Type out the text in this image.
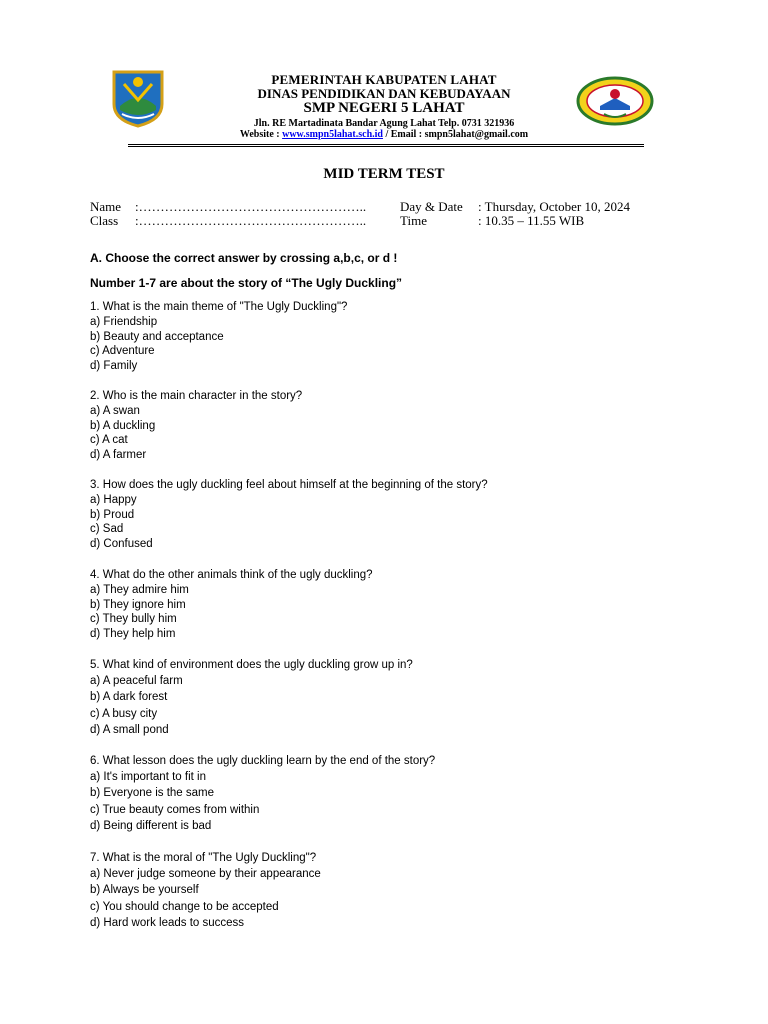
PEMERINTAH KABUPATEN LAHAT
DINAS PENDIDIKAN DAN KEBUDAYAAN
SMP NEGERI 5 LAHAT
Jln. RE Martadinata Bandar Agung Lahat Telp. 0731 321936
Website : www.smpn5lahat.sch.id / Email : smpn5lahat@gmail.com
MID TERM TEST
Name :……………………………………………..
Class :……………………………………………..
Day & Date : Thursday, October 10, 2024
Time	: 10.35 – 11.55 WIB
A. Choose the correct answer by crossing a,b,c, or d !
Number 1-7 are about the story of “The Ugly Duckling”
1. What is the main theme of "The Ugly Duckling"?
a) Friendship
b) Beauty and acceptance
c) Adventure
d) Family
2. Who is the main character in the story?
a) A swan
b) A duckling
c) A cat
d) A farmer
3. How does the ugly duckling feel about himself at the beginning of the story?
a) Happy
b) Proud
c) Sad
d) Confused
4. What do the other animals think of the ugly duckling?
a) They admire him
b) They ignore him
c) They bully him
d) They help him
5. What kind of environment does the ugly duckling grow up in?
a) A peaceful farm
b) A dark forest
c) A busy city
d) A small pond
6. What lesson does the ugly duckling learn by the end of the story?
a) It's important to fit in
b) Everyone is the same
c) True beauty comes from within
d) Being different is bad
7. What is the moral of "The Ugly Duckling"?
a) Never judge someone by their appearance
b) Always be yourself
c) You should change to be accepted
d) Hard work leads to success
